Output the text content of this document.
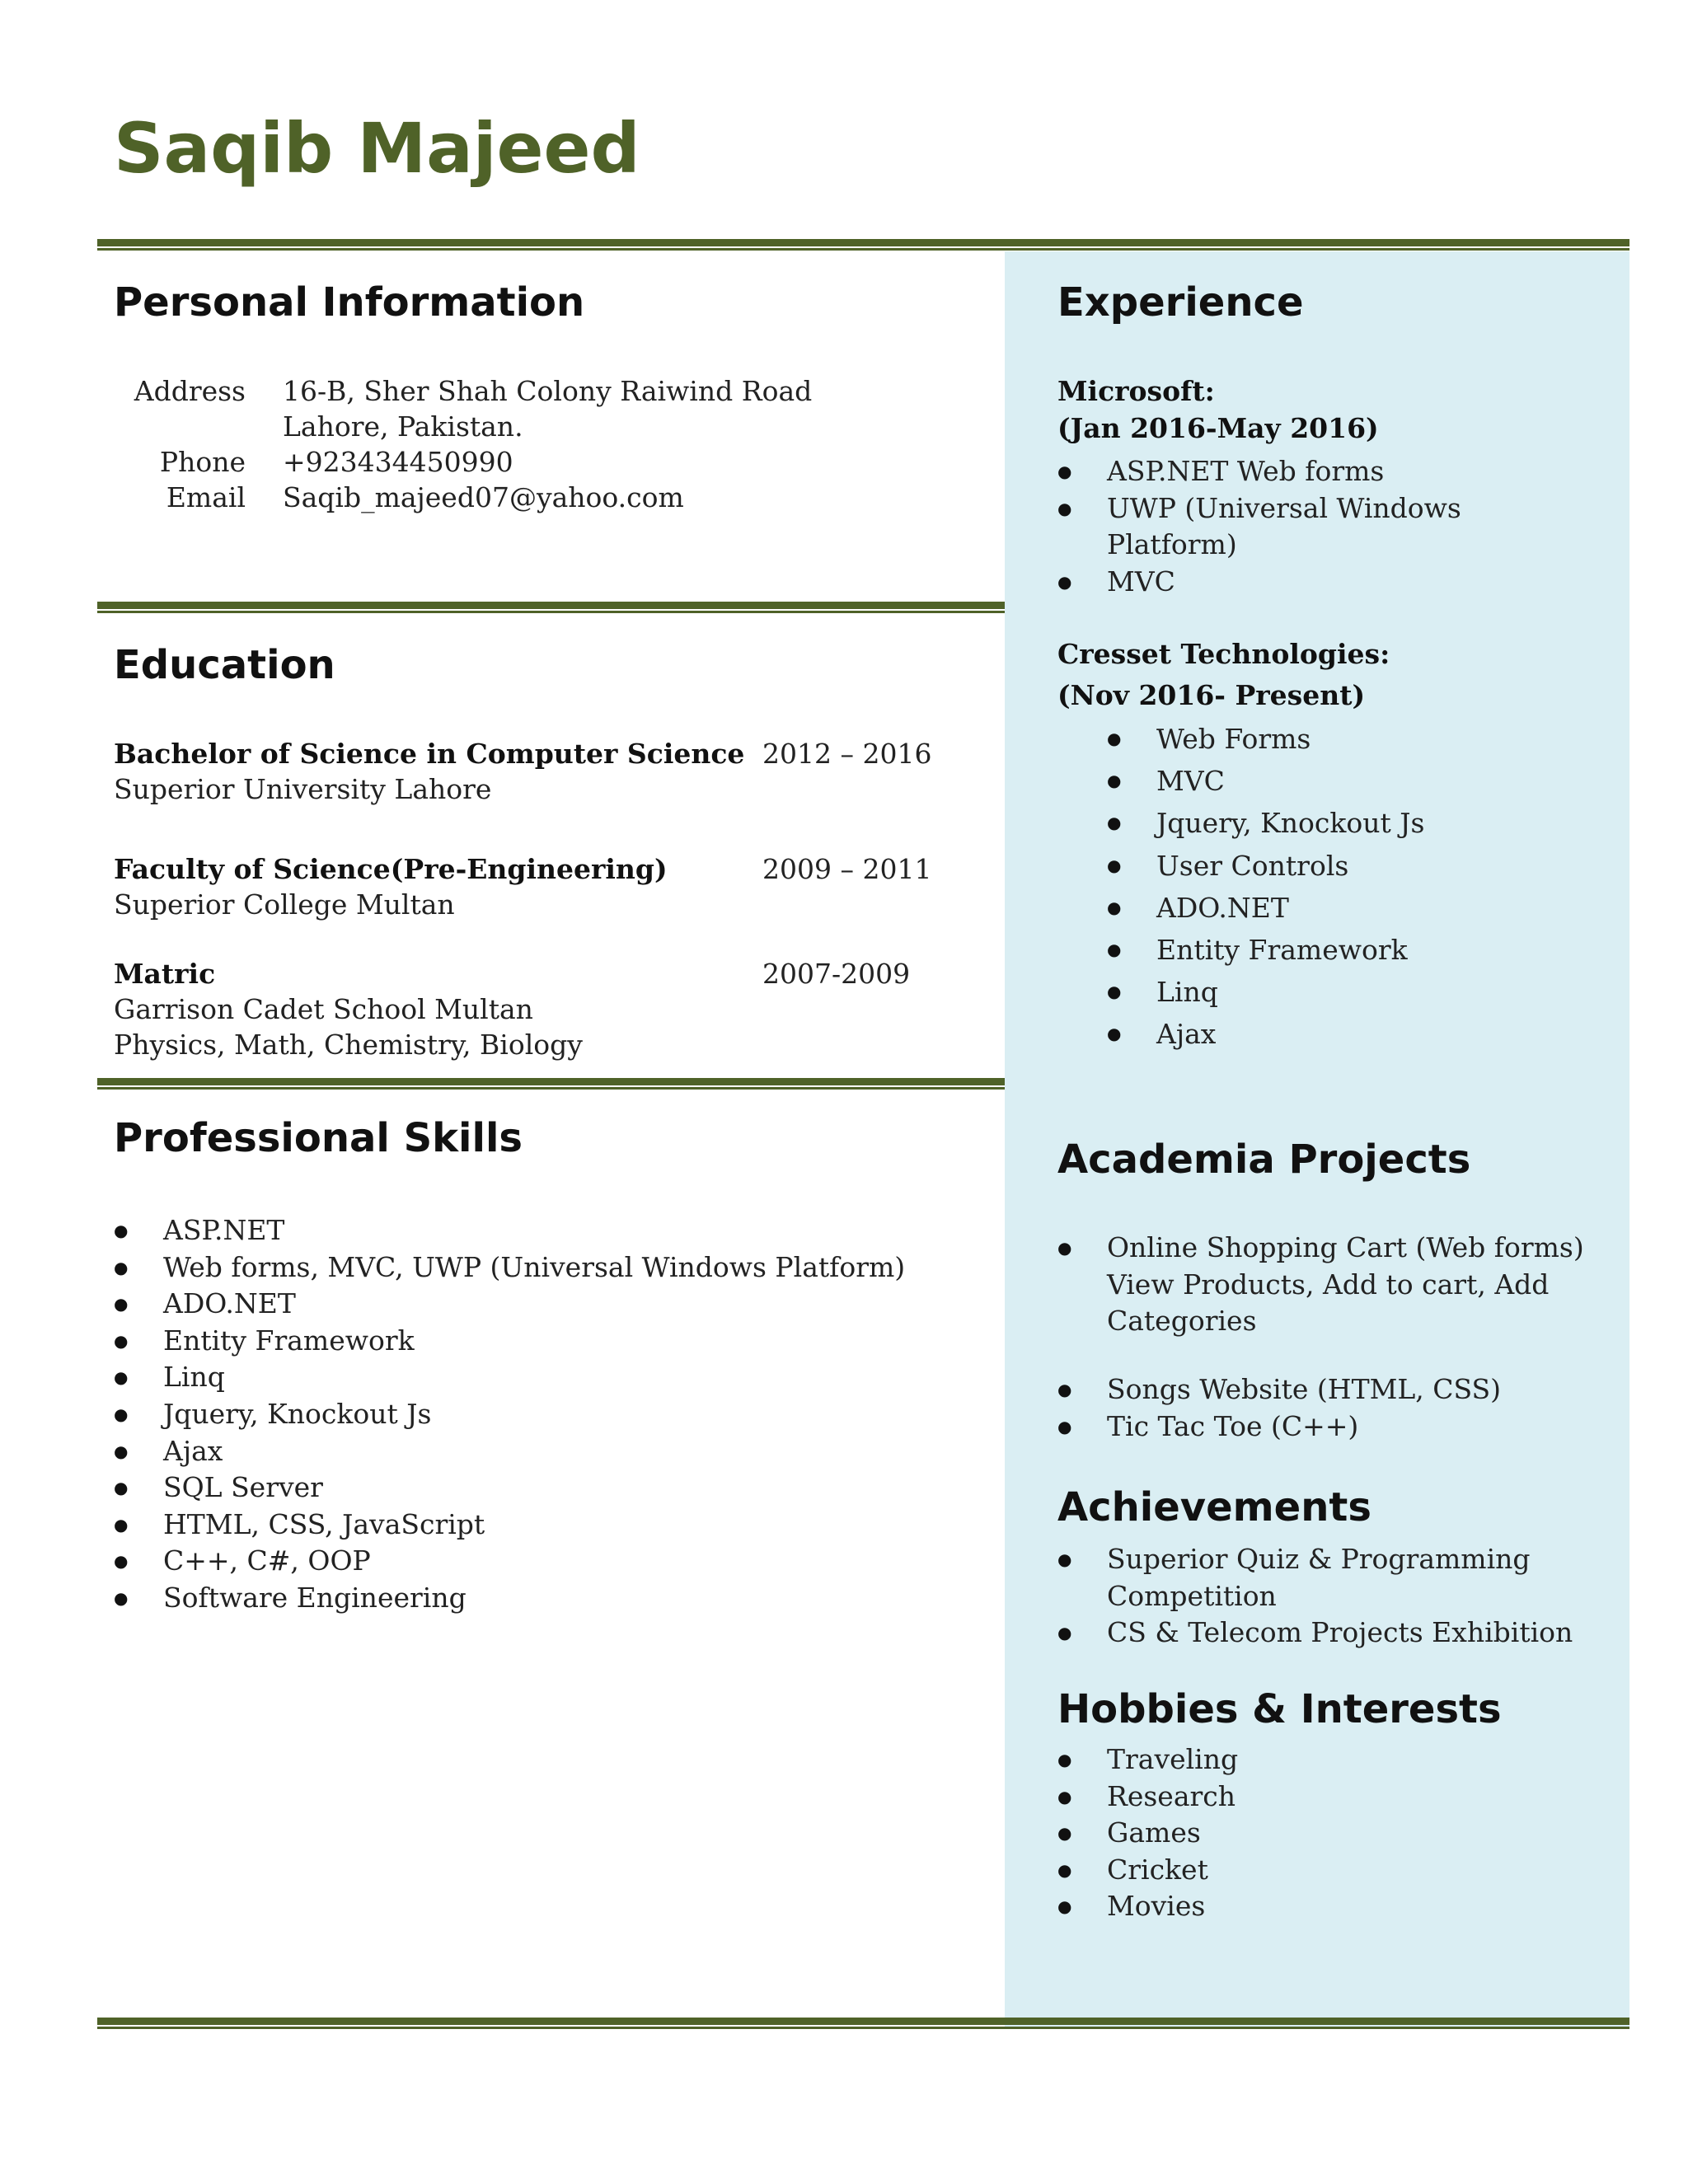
Saqib Majeed
Personal Information
Address 16-B, Sher Shah Colony Raiwind Road
Lahore, Pakistan.
Phone +923434450990
Email Saqib_majeed07@yahoo.com
Education
Bachelor of Science in Computer Science 2012 – 2016
Superior University Lahore
Faculty of Science(Pre-Engineering)	2009 – 2011
Superior College Multan
Matric	2007-2009
Garrison Cadet School Multan
Physics, Math, Chemistry, Biology
Professional Skills
● ASP.NET
● Web forms, MVC, UWP (Universal Windows Platform)
● ADO.NET
● Entity Framework
● Linq
● Jquery, Knockout Js
● Ajax
● SQL Server
● HTML, CSS, JavaScript
● C++, C#, OOP
● Software Engineering
Experience
Microsoft:
(Jan 2016-May 2016)
● ASP.NET Web forms
● UWP (Universal Windows
Platform)
● MVC
Cresset Technologies:
(Nov 2016- Present)
● Web Forms
● MVC
● Jquery, Knockout Js
● User Controls
● ADO.NET
● Entity Framework
● Linq
● Ajax
Academia Projects
● Online Shopping Cart (Web forms)
View Products, Add to cart, Add
Categories
● Songs Website (HTML, CSS)
● Tic Tac Toe (C++)
Achievements
● Superior Quiz & Programming
Competition
● CS & Telecom Projects Exhibition
Hobbies & Interests
● Traveling
● Research
● Games
● Cricket
● Movies
